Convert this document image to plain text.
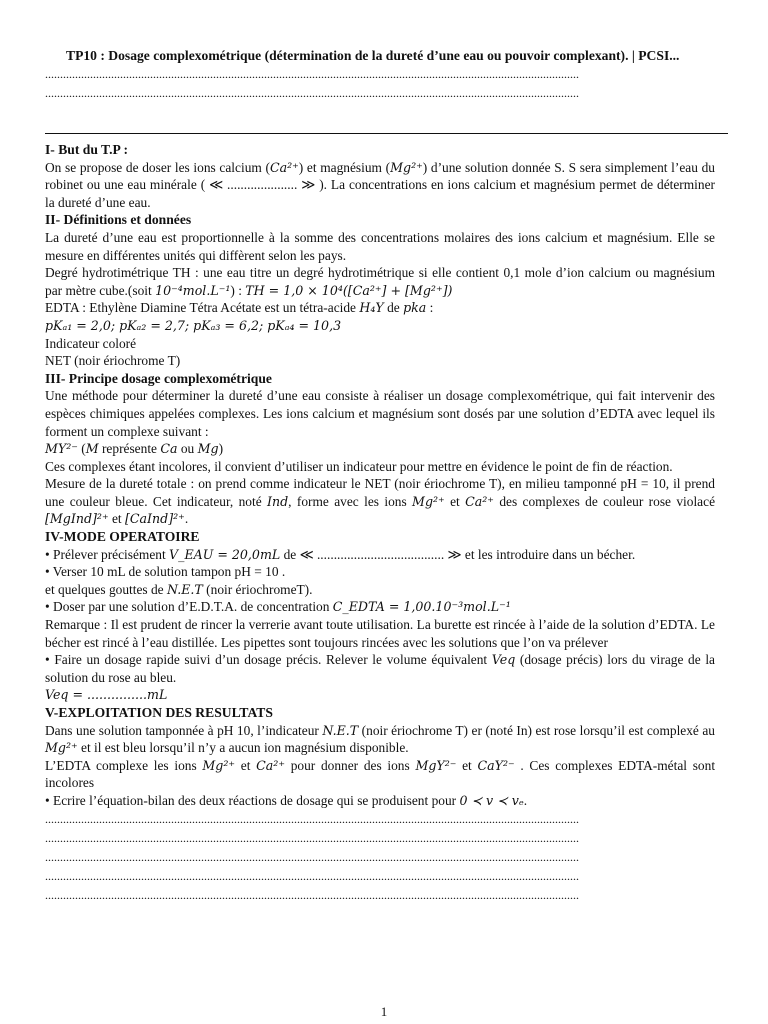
TP10 : Dosage complexométrique (détermination de la dureté d’une eau ou pouvoir complexant). | PCSI...

..................................................................................................................................................................................
..................................................................................................................................................................................
I- But du T.P :

On se propose de doser les ions calcium (Ca²⁺) et magnésium (Mg²⁺) d’une solution donnée S. S sera simplement l’eau du robinet ou une eau minérale ( ≪ ..................... ≫ ). La concentrations en ions calcium et magnésium permet de déterminer la dureté d’une eau.

II- Définitions et données

La dureté d’une eau est proportionnelle à la somme des concentrations molaires des ions calcium et magnésium. Elle se mesure en différentes unités qui diffèrent selon les pays.

Degré hydrotimétrique TH : une eau titre un degré hydrotimétrique si elle contient 0,1 mole d’ion calcium ou magnésium par mètre cube.(soit 10⁻⁴mol.L⁻¹) : TH = 1,0 × 10⁴([Ca²⁺] + [Mg²⁺])

EDTA : Ethylène Diamine Tétra Acétate est un tétra-acide H₄Y de pka :

pKₐ₁ = 2,0; pKₐ₂ = 2,7; pKₐ₃ = 6,2; pKₐ₄ = 10,3

Indicateur coloré

NET (noir ériochrome T)

III- Principe dosage complexométrique

Une méthode pour déterminer la dureté d’une eau consiste à réaliser un dosage complexométrique, qui fait intervenir des espèces chimiques appelées complexes. Les ions calcium et magnésium sont dosés par une solution d’EDTA avec lequel ils forment un complexe suivant :

MY²⁻ (M représente Ca ou Mg)

Ces complexes étant incolores, il convient d’utiliser un indicateur pour mettre en évidence le point de fin de réaction.

Mesure de la dureté totale : on prend comme indicateur le NET (noir ériochrome T), en milieu tamponné pH = 10, il prend une couleur bleue. Cet indicateur, noté Ind, forme avec les ions Mg²⁺ et Ca²⁺ des complexes de couleur rose violacé [MgInd]²⁺ et [CaInd]²⁺.

IV-MODE OPERATOIRE

• Prélever précisément V_EAU = 20,0mL de ≪ ...................................... ≫ et les introduire dans un bécher.

• Verser 10 mL de solution tampon pH = 10 .

et quelques gouttes de N.E.T (noir ériochromeT).

• Doser par une solution d’E.D.T.A. de concentration C_EDTA = 1,00.10⁻³mol.L⁻¹

Remarque : Il est prudent de rincer la verrerie avant toute utilisation. La burette est rincée à l’aide de la solution d’EDTA. Le bécher est rincé à l’eau distillée. Les pipettes sont toujours rincées avec les solutions que l’on va prélever

• Faire un dosage rapide suivi d’un dosage précis. Relever le volume équivalent Veq (dosage précis) lors du virage de la solution du rose au bleu.

Veq = ...............mL

V-EXPLOITATION DES RESULTATS

Dans une solution tamponnée à pH 10, l’indicateur N.E.T (noir ériochrome T) er (noté In) est rose lorsqu’il est complexé au Mg²⁺ et il est bleu lorsqu’il n’y a aucun ion magnésium disponible.

L’EDTA complexe les ions Mg²⁺ et Ca²⁺ pour donner des ions MgY²⁻ et CaY²⁻ . Ces complexes EDTA-métal sont incolores

• Ecrire l’équation-bilan des deux réactions de dosage qui se produisent pour 0 ≺ v ≺ vₑ.

..................................................................................................................................................................................
..................................................................................................................................................................................
..................................................................................................................................................................................
..................................................................................................................................................................................
..................................................................................................................................................................................
1
